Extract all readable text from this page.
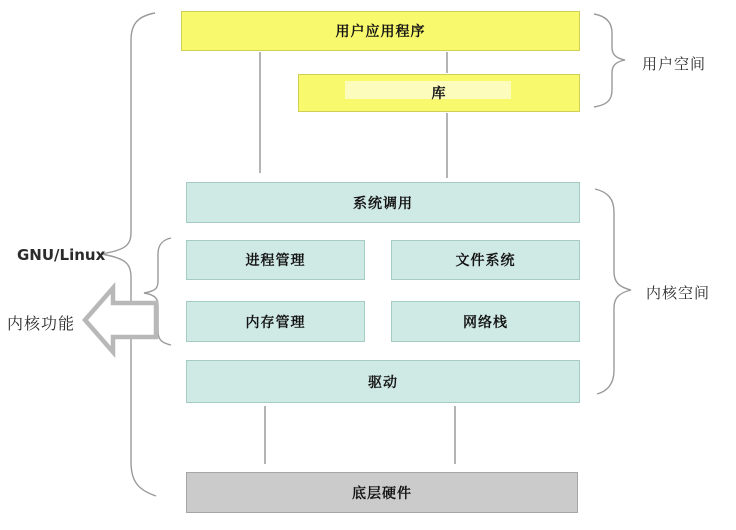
用户应用程序
库
系统调用
进程管理	文件系统
内存管理	网络栈
驱动
底层硬件
用户空间
内核空间
GNU/Linux
内核功能
